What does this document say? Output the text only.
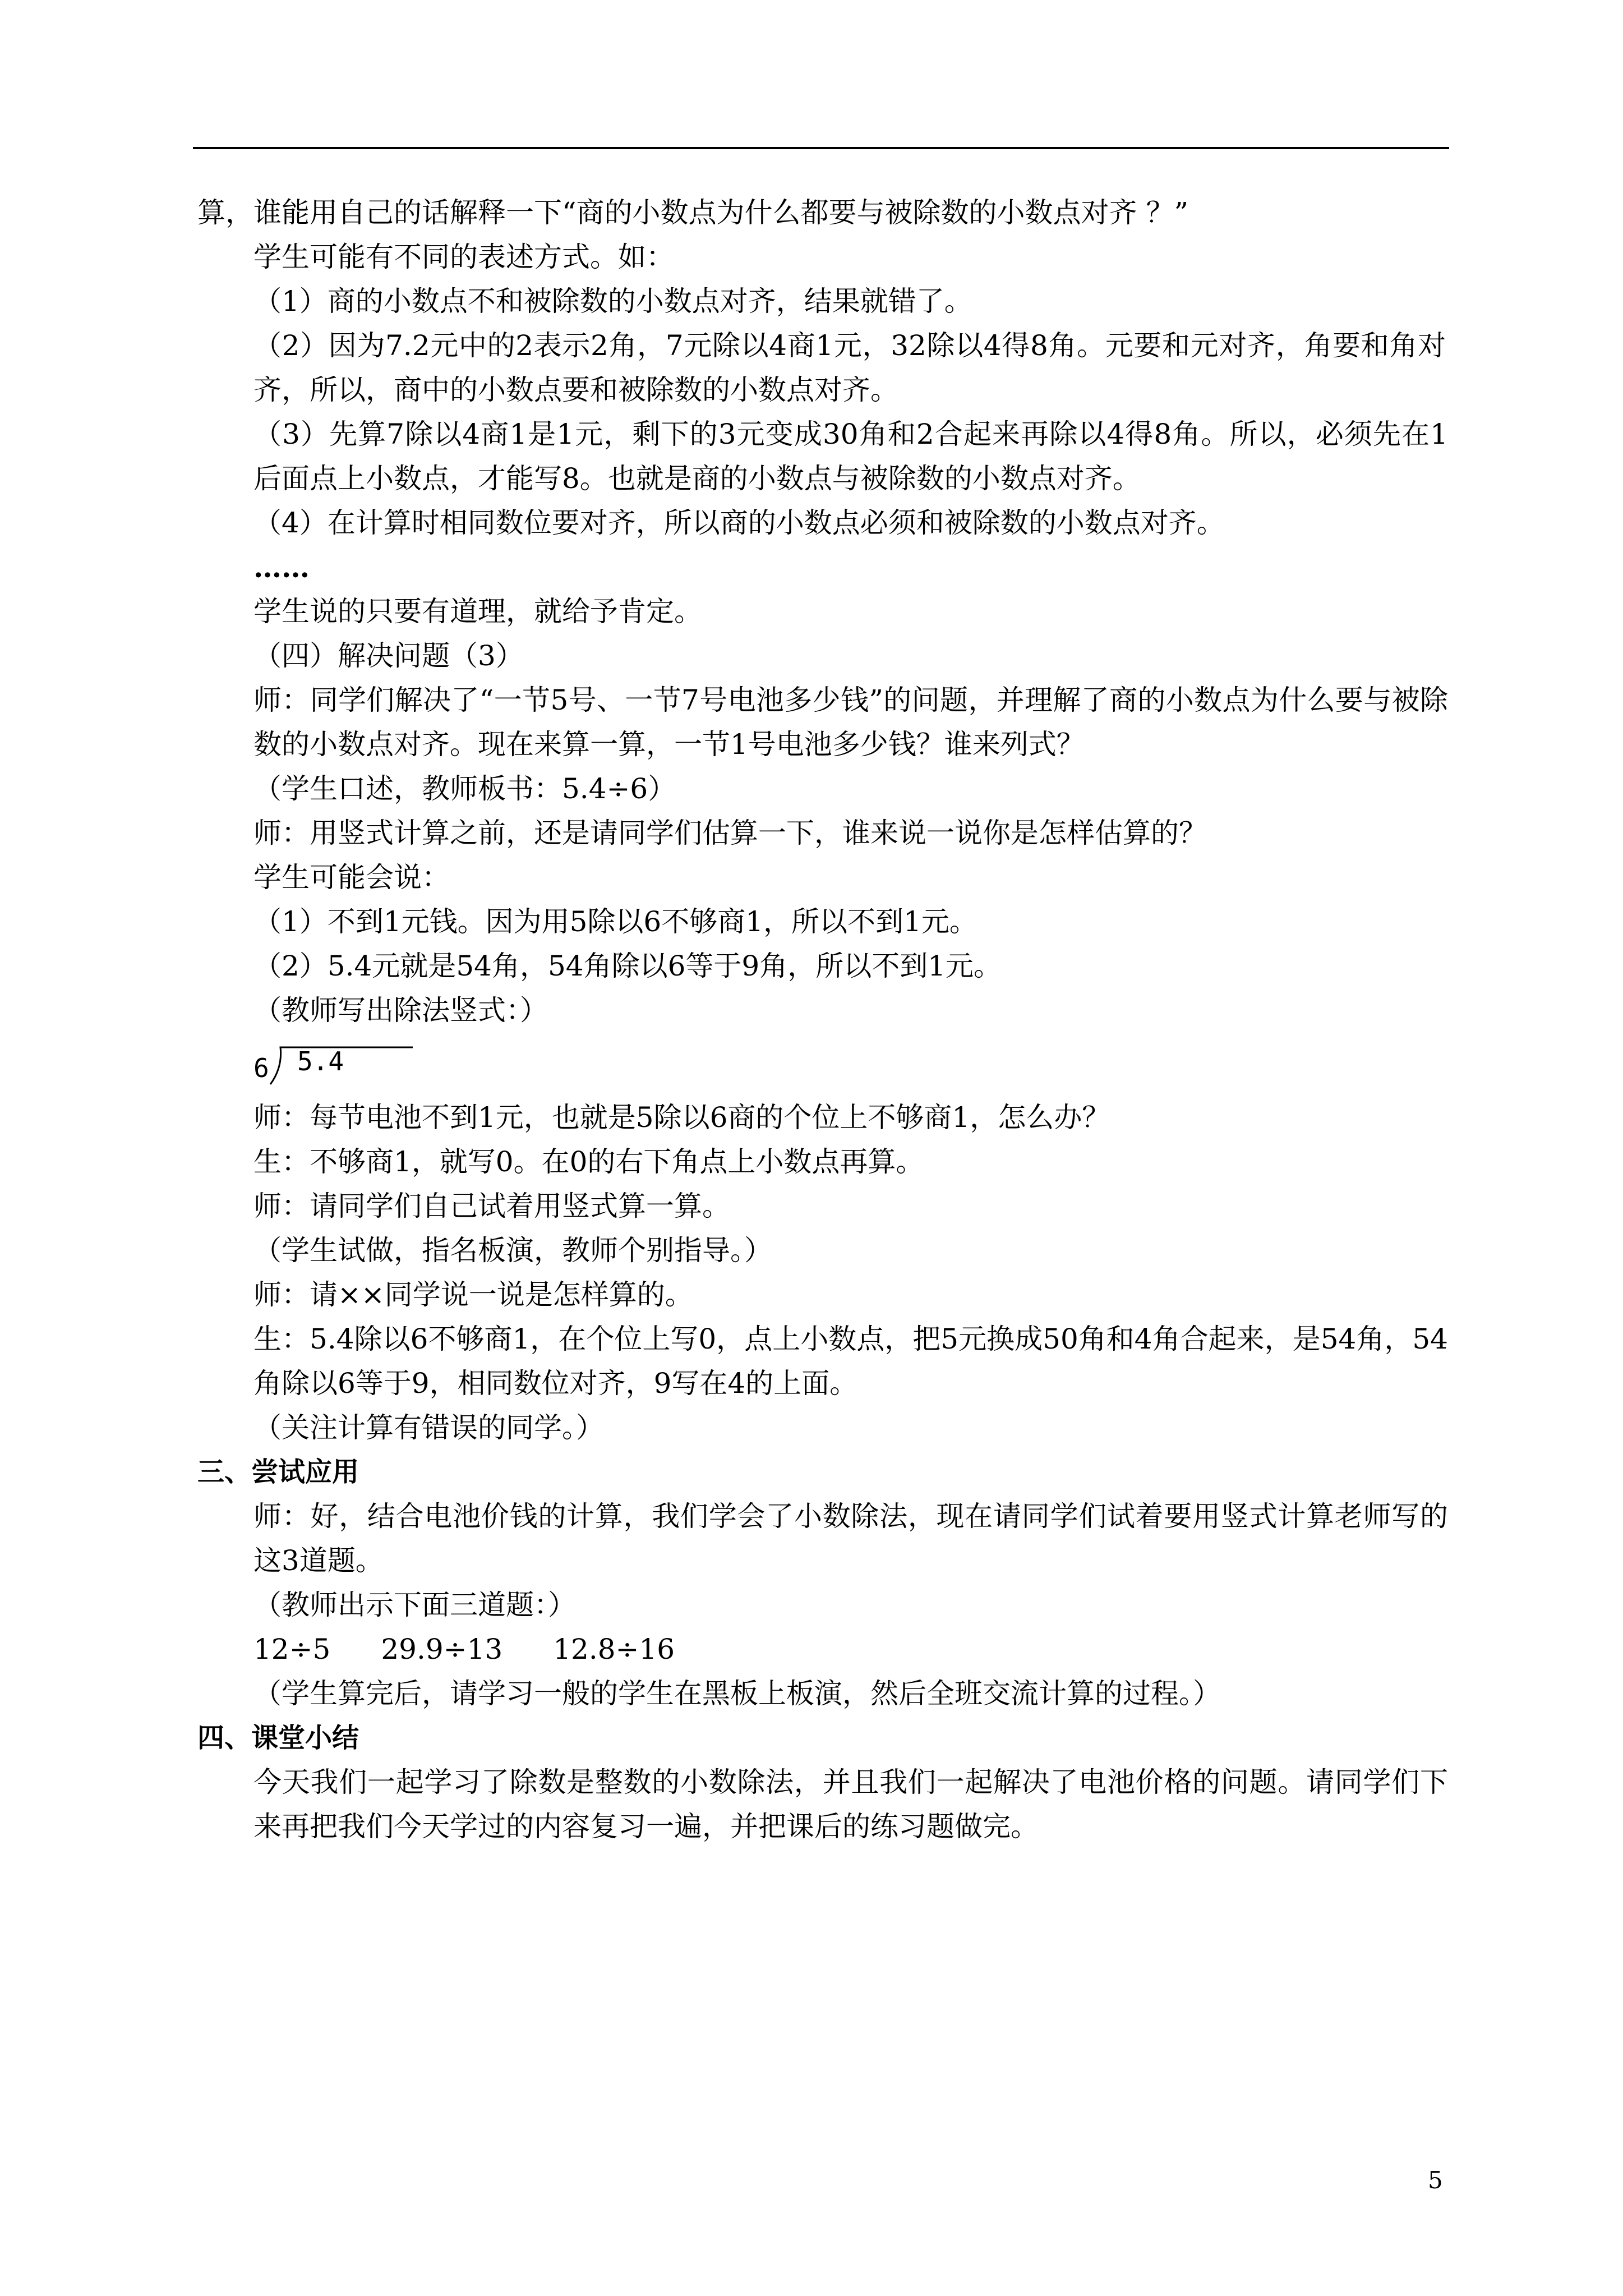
算，谁能用自己的话解释一下“商的小数点为什么都要与被除数的小数点对齐 ？”

学生可能有不同的表述方式。如：

（1）商的小数点不和被除数的小数点对齐，结果就错了。

（2）因为7.2元中的2表示2角，7元除以4商1元，32除以4得8角。元要和元对齐，角要和角对齐，所以，商中的小数点要和被除数的小数点对齐。

（3）先算7除以4商1是1元，剩下的3元变成30角和2合起来再除以4得8角。所以，必须先在1后面点上小数点，才能写8。也就是商的小数点与被除数的小数点对齐。

（4）在计算时相同数位要对齐，所以商的小数点必须和被除数的小数点对齐。

……

学生说的只要有道理，就给予肯定。

（四）解决问题（3）

师：同学们解决了“一节5号、一节7号电池多少钱”的问题，并理解了商的小数点为什么要与被除数的小数点对齐。现在来算一算，一节1号电池多少钱？谁来列式？

（学生口述，教师板书：5.4÷6）

师：用竖式计算之前，还是请同学们估算一下，谁来说一说你是怎样估算的？

学生可能会说：

（1）不到1元钱。因为用5除以6不够商1，所以不到1元。

（2）5.4元就是54角，54角除以6等于9角，所以不到1元。

（教师写出除法竖式：）

6 5.4

师：每节电池不到1元，也就是5除以6商的个位上不够商1，怎么办？

生：不够商1，就写0。在0的右下角点上小数点再算。

师：请同学们自己试着用竖式算一算。

（学生试做，指名板演，教师个别指导。）

师：请××同学说一说是怎样算的。

生：5.4除以6不够商1，在个位上写0，点上小数点，把5元换成50角和4角合起来，是54角，54角除以6等于9，相同数位对齐，9写在4的上面。

（关注计算有错误的同学。）

三、尝试应用

师：好，结合电池价钱的计算，我们学会了小数除法，现在请同学们试着要用竖式计算老师写的这3道题。

（教师出示下面三道题：）

12÷5 29.9÷13 12.8÷16

（学生算完后，请学习一般的学生在黑板上板演，然后全班交流计算的过程。）

四、课堂小结

今天我们一起学习了除数是整数的小数除法，并且我们一起解决了电池价格的问题。请同学们下来再把我们今天学过的内容复习一遍，并把课后的练习题做完。

5
